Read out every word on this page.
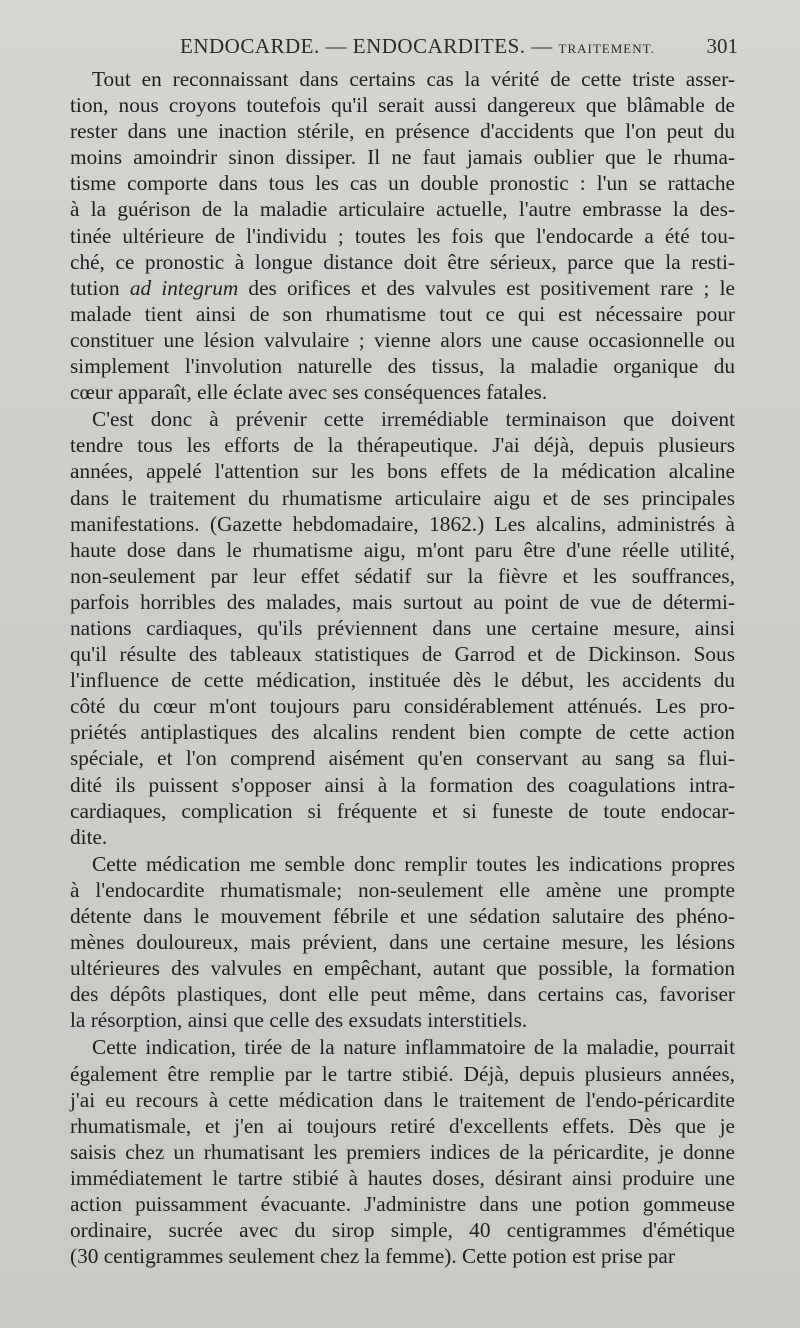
ENDOCARDE. — ENDOCARDITES. — TRAITEMENT. 301
Tout en reconnaissant dans certains cas la vérité de cette triste asser-
tion, nous croyons toutefois qu'il serait aussi dangereux que blâmable de
rester dans une inaction stérile, en présence d'accidents que l'on peut du
moins amoindrir sinon dissiper. Il ne faut jamais oublier que le rhuma-
tisme comporte dans tous les cas un double pronostic : l'un se rattache
à la guérison de la maladie articulaire actuelle, l'autre embrasse la des-
tinée ultérieure de l'individu ; toutes les fois que l'endocarde a été tou-
ché, ce pronostic à longue distance doit être sérieux, parce que la resti-
tution ad integrum des orifices et des valvules est positivement rare ; le
malade tient ainsi de son rhumatisme tout ce qui est nécessaire pour
constituer une lésion valvulaire ; vienne alors une cause occasionnelle ou
simplement l'involution naturelle des tissus, la maladie organique du
cœur apparaît, elle éclate avec ses conséquences fatales.
C'est donc à prévenir cette irremédiable terminaison que doivent
tendre tous les efforts de la thérapeutique. J'ai déjà, depuis plusieurs
années, appelé l'attention sur les bons effets de la médication alcaline
dans le traitement du rhumatisme articulaire aigu et de ses principales
manifestations. (Gazette hebdomadaire, 1862.) Les alcalins, administrés à
haute dose dans le rhumatisme aigu, m'ont paru être d'une réelle utilité,
non-seulement par leur effet sédatif sur la fièvre et les souffrances,
parfois horribles des malades, mais surtout au point de vue de détermi-
nations cardiaques, qu'ils préviennent dans une certaine mesure, ainsi
qu'il résulte des tableaux statistiques de Garrod et de Dickinson. Sous
l'influence de cette médication, instituée dès le début, les accidents du
côté du cœur m'ont toujours paru considérablement atténués. Les pro-
priétés antiplastiques des alcalins rendent bien compte de cette action
spéciale, et l'on comprend aisément qu'en conservant au sang sa flui-
dité ils puissent s'opposer ainsi à la formation des coagulations intra-
cardiaques, complication si fréquente et si funeste de toute endocar-
dite.
Cette médication me semble donc remplir toutes les indications propres
à l'endocardite rhumatismale; non-seulement elle amène une prompte
détente dans le mouvement fébrile et une sédation salutaire des phéno-
mènes douloureux, mais prévient, dans une certaine mesure, les lésions
ultérieures des valvules en empêchant, autant que possible, la formation
des dépôts plastiques, dont elle peut même, dans certains cas, favoriser
la résorption, ainsi que celle des exsudats interstitiels.
Cette indication, tirée de la nature inflammatoire de la maladie, pourrait
également être remplie par le tartre stibié. Déjà, depuis plusieurs années,
j'ai eu recours à cette médication dans le traitement de l'endo-péricardite
rhumatismale, et j'en ai toujours retiré d'excellents effets. Dès que je
saisis chez un rhumatisant les premiers indices de la péricardite, je donne
immédiatement le tartre stibié à hautes doses, désirant ainsi produire une
action puissamment évacuante. J'administre dans une potion gommeuse
ordinaire, sucrée avec du sirop simple, 40 centigrammes d'émétique
(30 centigrammes seulement chez la femme). Cette potion est prise par
